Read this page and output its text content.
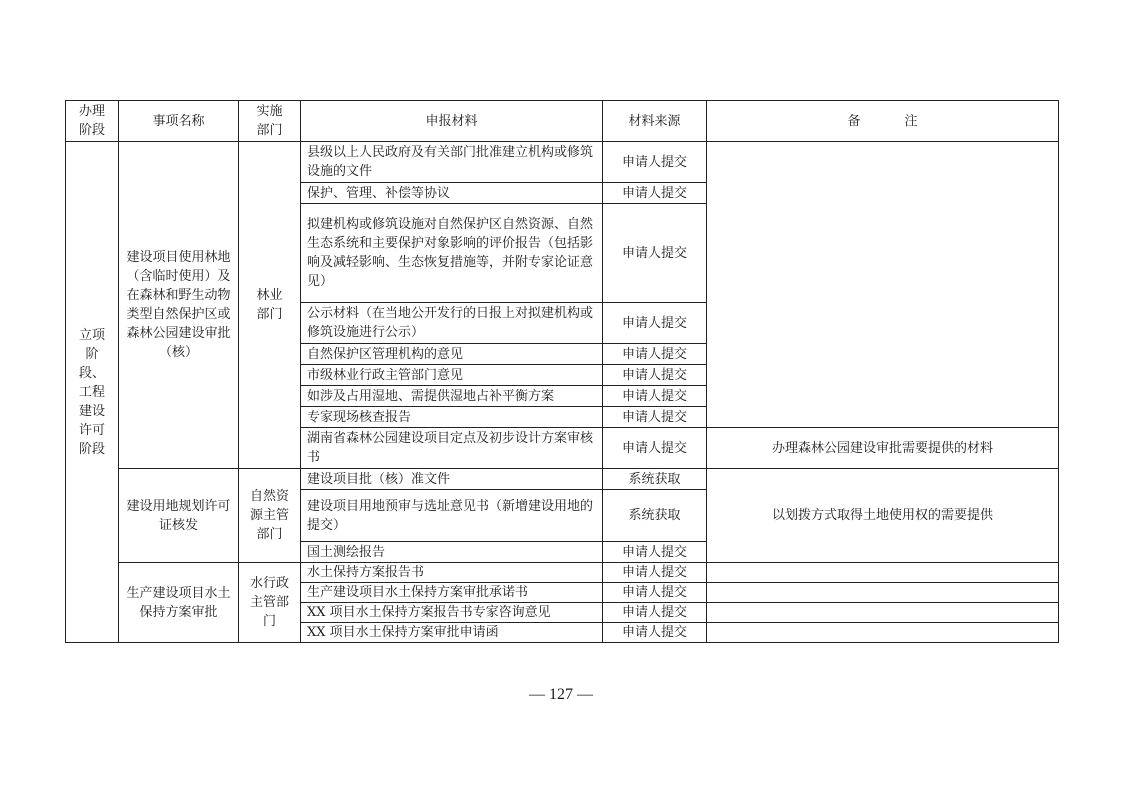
办理阶段	事项名称	实施部门	申报材料	材料来源	备 注
立项阶段、工程建设许可阶段	建设项目使用林地（含临时使用）及在森林和野生动物类型自然保护区或森林公园建设审批（核）	林业部门	县级以上人民政府及有关部门批准建立机构或修筑设施的文件	申请人提交	
			保护、管理、补偿等协议	申请人提交	
			拟建机构或修筑设施对自然保护区自然资源、自然生态系统和主要保护对象影响的评价报告（包括影响及减轻影响、生态恢复措施等，并附专家论证意见）	申请人提交	
			公示材料（在当地公开发行的日报上对拟建机构或修筑设施进行公示）	申请人提交	
			自然保护区管理机构的意见	申请人提交	
			市级林业行政主管部门意见	申请人提交	
			如涉及占用湿地、需提供湿地占补平衡方案	申请人提交	
			专家现场核查报告	申请人提交	
			湖南省森林公园建设项目定点及初步设计方案审核书	申请人提交	办理森林公园建设审批需要提供的材料
	建设用地规划许可证核发	自然资源主管部门	建设项目批（核）准文件	系统获取	以划拨方式取得土地使用权的需要提供
			建设项目用地预审与选址意见书（新增建设用地的提交）	系统获取	
			国土测绘报告	申请人提交	
	生产建设项目水土保持方案审批	水行政主管部门	水土保持方案报告书	申请人提交	
			生产建设项目水土保持方案审批承诺书	申请人提交	
			XX 项目水土保持方案报告书专家咨询意见	申请人提交	
			XX 项目水土保持方案审批申请函	申请人提交	
— 127 —
